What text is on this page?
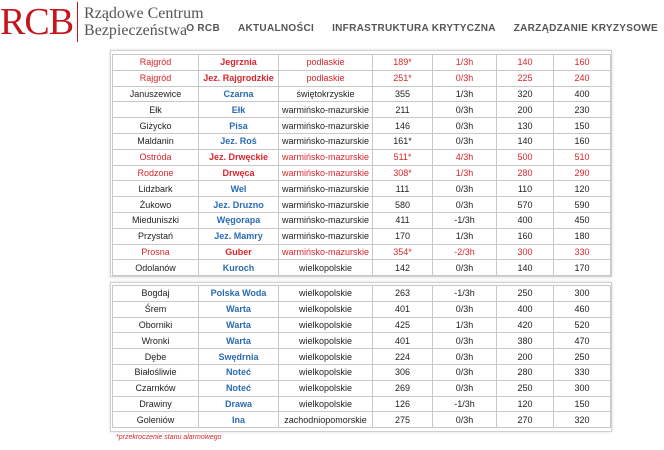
RCB Rządowe Centrum
Bezpieczeństwa O RCB AKTUALNOŚCI INFRASTRUKTURA KRYTYCZNA ZARZĄDZANIE KRYZYSOWE
Rajgród	Jegrznia	podlaskie	189*	1/3h	140	160
Rajgród	Jez. Rajgrodzkie	podlaskie	251*	0/3h	225	240
Januszewice	Czarna	świętokrzyskie	355	1/3h	320	400
Ełk	Ełk	warmińsko-mazurskie	211	0/3h	200	230
Giżycko	Pisa	warmińsko-mazurskie	146	0/3h	130	150
Maldanin	Jez. Roś	warmińsko-mazurskie	161*	0/3h	140	160
Ostróda	Jez. Drwęckie	warmińsko-mazurskie	511*	4/3h	500	510
Rodzone	Drwęca	warmińsko-mazurskie	308*	1/3h	280	290
Lidzbark	Wel	warmińsko-mazurskie	111	0/3h	110	120
Żukowo	Jez. Druzno	warmińsko-mazurskie	580	0/3h	570	590
Mieduniszki	Węgorapa	warmińsko-mazurskie	411	-1/3h	400	450
Przystań	Jez. Mamry	warmińsko-mazurskie	170	1/3h	160	180
Prosna	Guber	warmińsko-mazurskie	354*	-2/3h	300	330
Odolanów	Kuroch	wielkopolskie	142	0/3h	140	170
Bogdaj	Polska Woda	wielkopolskie	263	-1/3h	250	300
Śrem	Warta	wielkopolskie	401	0/3h	400	460
Oborniki	Warta	wielkopolskie	425	1/3h	420	520
Wronki	Warta	wielkopolskie	401	0/3h	380	470
Dębe	Swędrnia	wielkopolskie	224	0/3h	200	250
Białośliwie	Noteć	wielkopolskie	306	0/3h	280	330
Czarnków	Noteć	wielkopolskie	269	0/3h	250	300
Drawiny	Drawa	wielkopolskie	126	-1/3h	120	150
Goleniów	Ina	zachodniopomorskie	275	0/3h	270	320
*przekroczenie stanu alarmowego
